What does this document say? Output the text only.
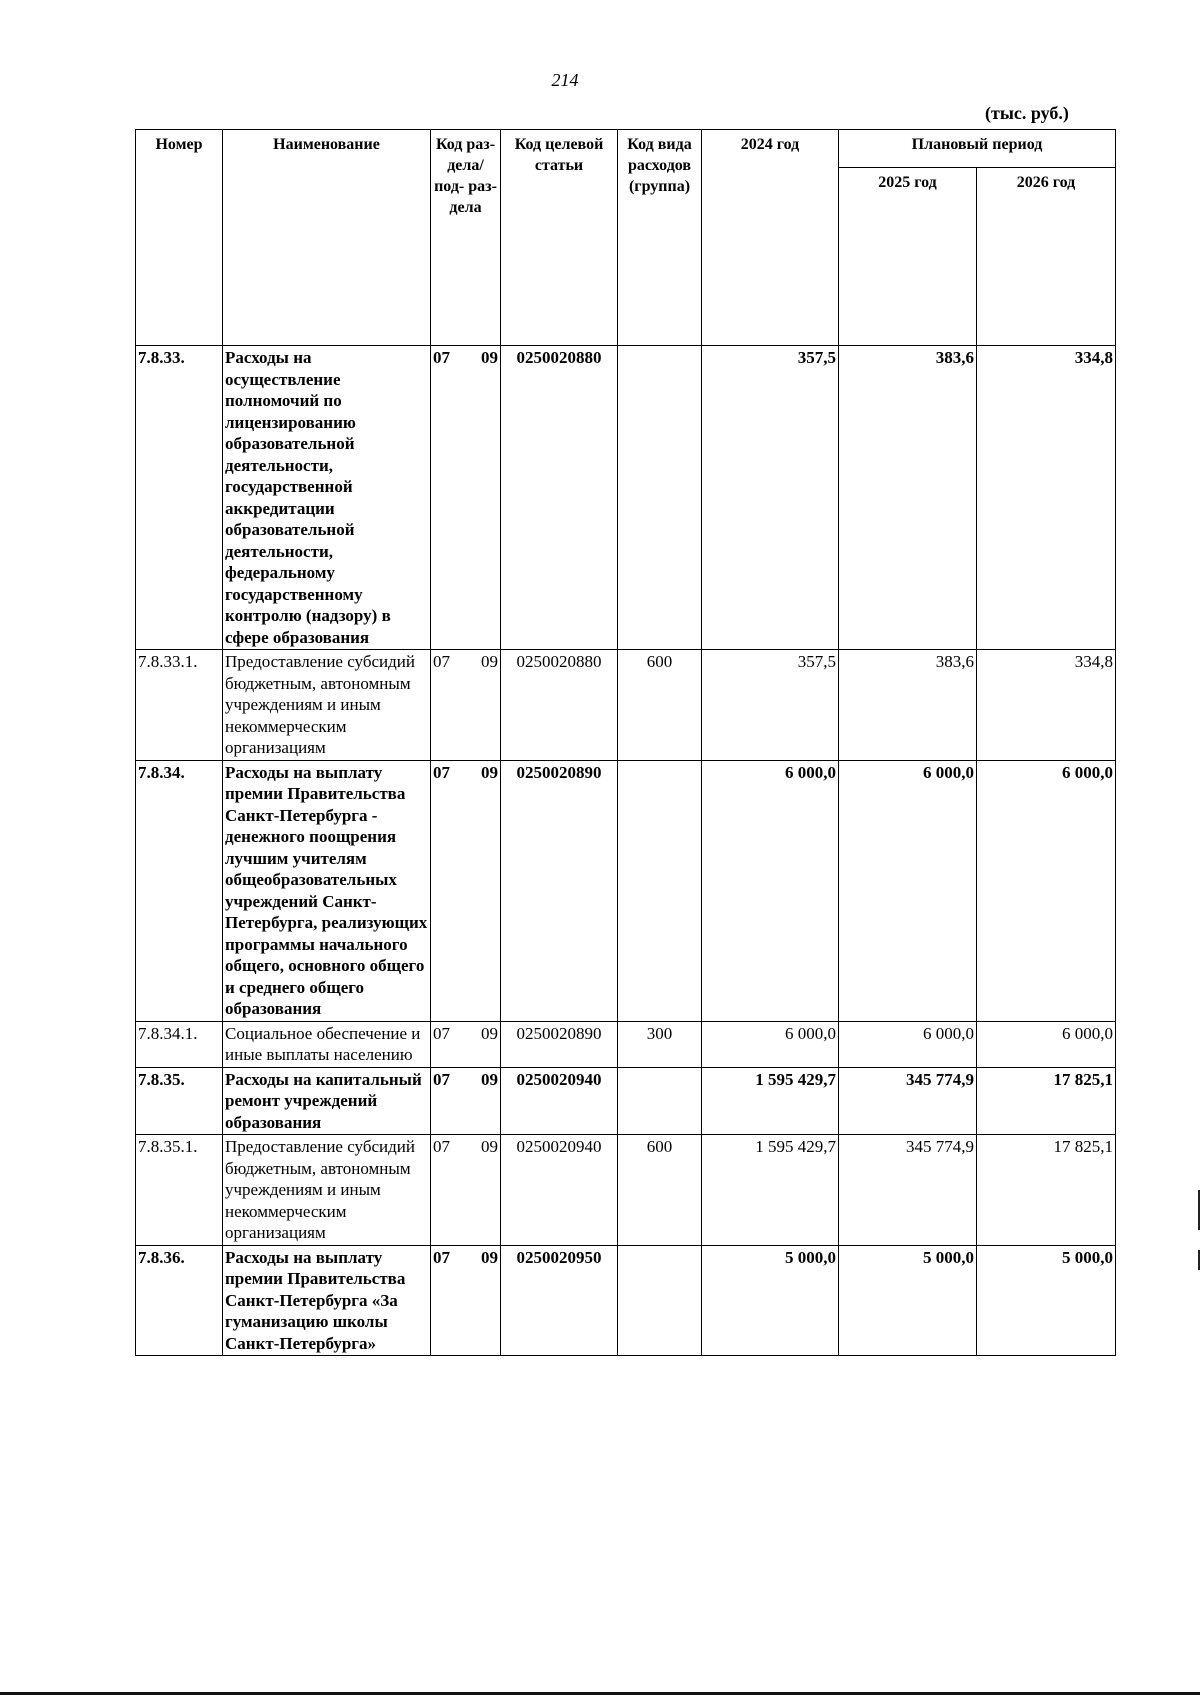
214
(тыс. руб.)
Номер	Наименование	Код раз- дела/ под- раз- дела	Код целевой статьи	Код вида расходов (группа)	2024 год	Плановый период	
						2025 год	2026 год
7.8.33.	Расходы на осуществление полномочий по лицензированию образовательной деятельности, государственной аккредитации образовательной деятельности, федеральному государственному контролю (надзору) в сфере образования	07 09	0250020880		357,5	383,6	334,8
7.8.33.1.	Предоставление субсидий бюджетным, автономным учреждениям и иным некоммерческим организациям	07 09	0250020880	600	357,5	383,6	334,8
7.8.34.	Расходы на выплату премии Правительства Санкт-Петербурга - денежного поощрения лучшим учителям общеобразовательных учреждений Санкт-Петербурга, реализующих программы начального общего, основного общего и среднего общего образования	07 09	0250020890		6 000,0	6 000,0	6 000,0
7.8.34.1.	Социальное обеспечение и иные выплаты населению	07 09	0250020890	300	6 000,0	6 000,0	6 000,0
7.8.35.	Расходы на капитальный ремонт учреждений образования	07 09	0250020940		1 595 429,7	345 774,9	17 825,1
7.8.35.1.	Предоставление субсидий бюджетным, автономным учреждениям и иным некоммерческим организациям	07 09	0250020940	600	1 595 429,7	345 774,9	17 825,1
7.8.36.	Расходы на выплату премии Правительства Санкт-Петербурга «За гуманизацию школы Санкт-Петербурга»	07 09	0250020950		5 000,0	5 000,0	5 000,0
